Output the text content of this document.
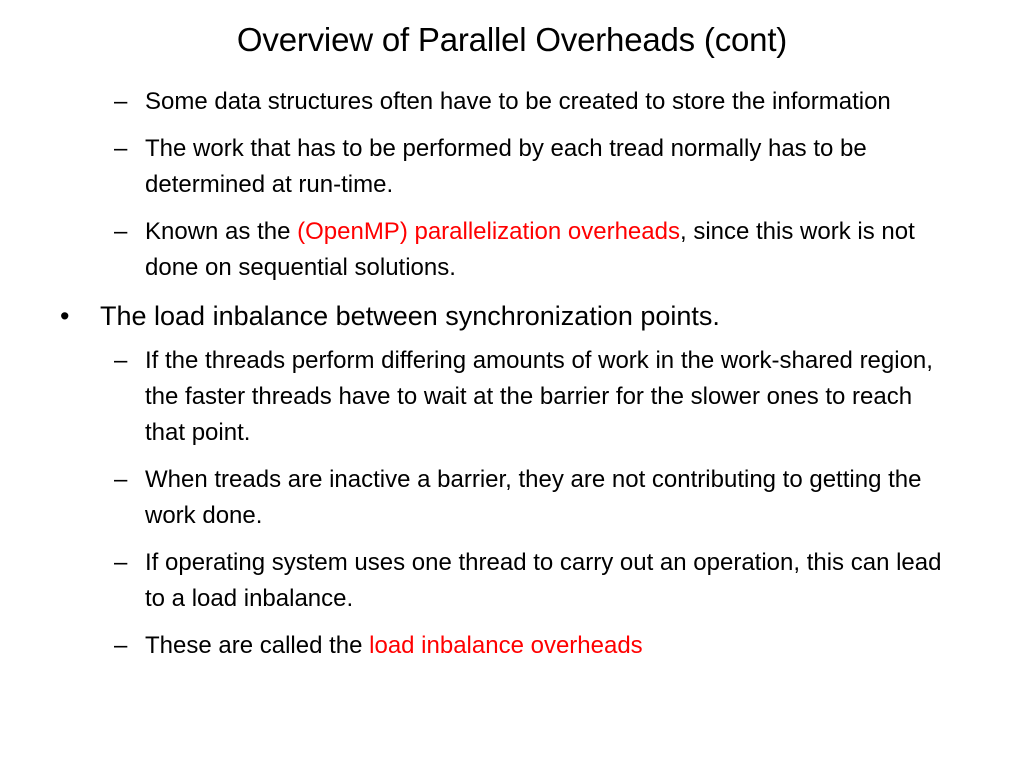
Overview of Parallel Overheads (cont)
– Some data structures often have to be created to store the information
– The work that has to be performed by each tread normally has to be determined at run-time.
– Known as the (OpenMP) parallelization overheads, since this work is not done on sequential solutions.
• The load inbalance between synchronization points.
– If the threads perform differing amounts of work in the work-shared region, the faster threads have to wait at the barrier for the slower ones to reach that point.
– When treads are inactive a barrier, they are not contributing to getting the work done.
– If operating system uses one thread to carry out an operation, this can lead to a load inbalance.
– These are called the load inbalance overheads
